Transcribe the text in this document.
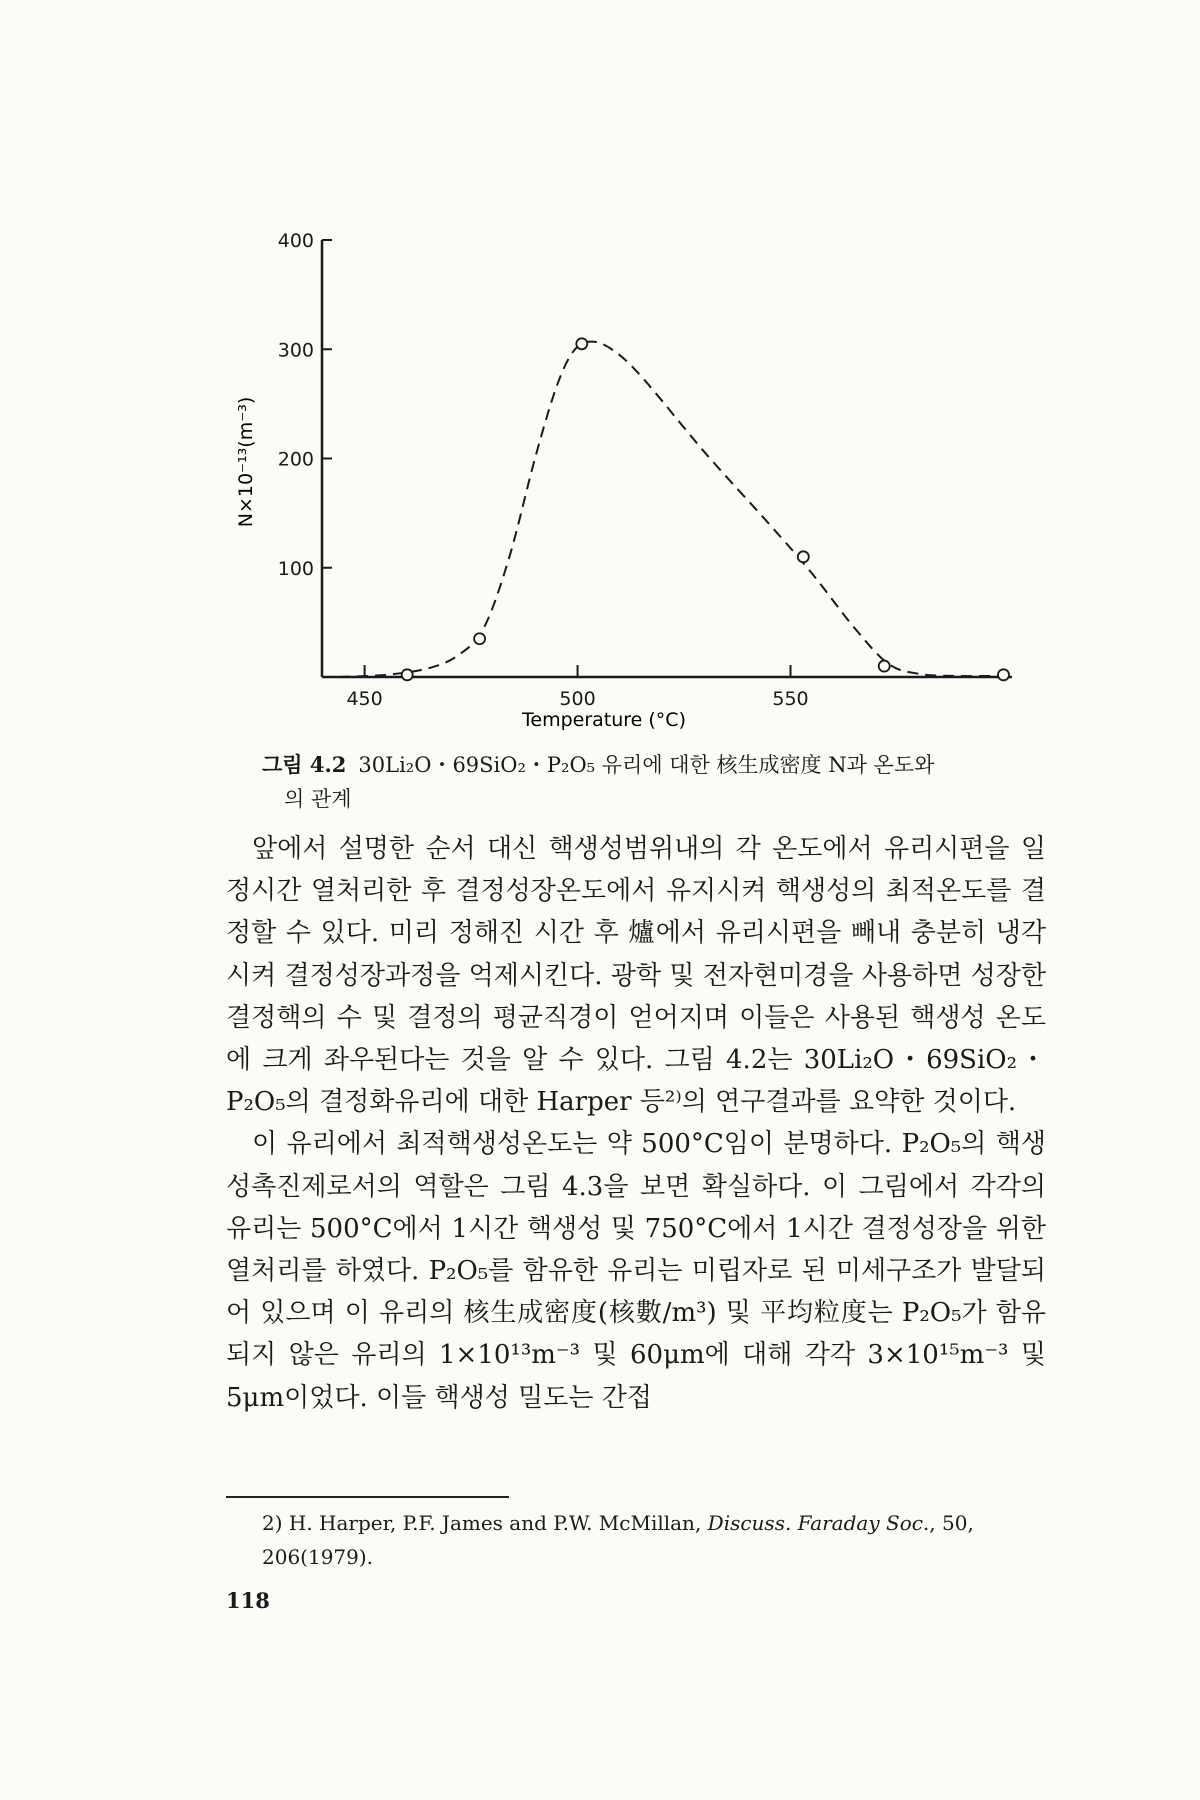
100
200
300
400
450	500	550
Temperature (°C)
N×10⁻¹³(m⁻³)
그림 4.2 30Li₂O・69SiO₂・P₂O₅ 유리에 대한 核生成密度 N과 온도와
의 관계

앞에서 설명한 순서 대신 핵생성범위내의 각 온도에서 유리시편을 일정시간 열처리한 후 결정성장온도에서 유지시켜 핵생성의 최적온도를 결정할 수 있다. 미리 정해진 시간 후 爐에서 유리시편을 빼내 충분히 냉각시켜 결정성장과정을 억제시킨다. 광학 및 전자현미경을 사용하면 성장한 결정핵의 수 및 결정의 평균직경이 얻어지며 이들은 사용된 핵생성 온도에 크게 좌우된다는 것을 알 수 있다. 그림 4.2는 30Li₂O・69SiO₂・P₂O₅의 결정화유리에 대한 Harper 등²⁾의 연구결과를 요약한 것이다.

이 유리에서 최적핵생성온도는 약 500°C임이 분명하다. P₂O₅의 핵생성촉진제로서의 역할은 그림 4.3을 보면 확실하다. 이 그림에서 각각의 유리는 500°C에서 1시간 핵생성 및 750°C에서 1시간 결정성장을 위한 열처리를 하였다. P₂O₅를 함유한 유리는 미립자로 된 미세구조가 발달되어 있으며 이 유리의 核生成密度(核數/m³) 및 平均粒度는 P₂O₅가 함유되지 않은 유리의 1×10¹³m⁻³ 및 60μm에 대해 각각 3×10¹⁵m⁻³ 및 5μm이었다. 이들 핵생성 밀도는 간접

2) H. Harper, P.F. James and P.W. McMillan, Discuss. Faraday Soc., 50,
206(1979).
118
